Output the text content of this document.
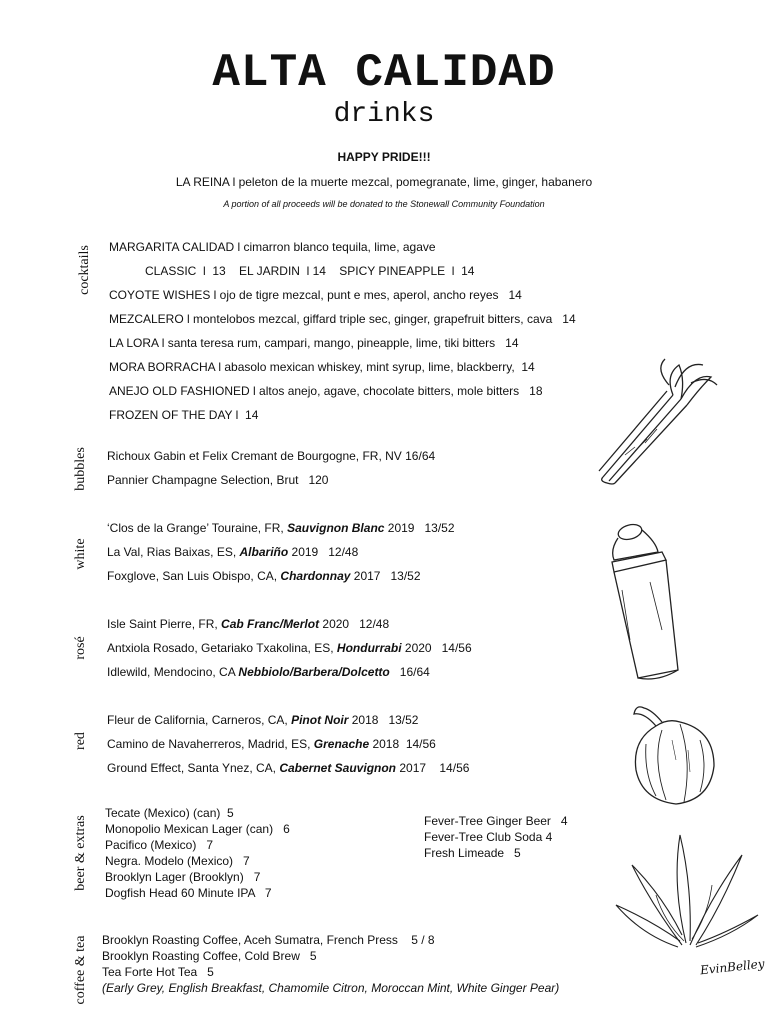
ALTA CALIDAD
drinks
HAPPY PRIDE!!!
LA REINA l peleton de la muerte mezcal, pomegranate, lime, ginger, habanero
A portion of all proceeds will be donated to the Stonewall Community Foundation
cocktails MARGARITA CALIDAD l cimarron blanco tequila, lime, agave
CLASSIC  l  13    EL JARDIN  l 14    SPICY PINEAPPLE  l  14
COYOTE WISHES l ojo de tigre mezcal, punt e mes, aperol, ancho reyes   14
MEZCALERO l montelobos mezcal, giffard triple sec, ginger, grapefruit bitters, cava   14
LA LORA l santa teresa rum, campari, mango, pineapple, lime, tiki bitters   14
MORA BORRACHA l abasolo mexican whiskey, mint syrup, lime, blackberry,  14
ANEJO OLD FASHIONED l altos anejo, agave, chocolate bitters, mole bitters   18
FROZEN OF THE DAY l  14
bubbles Richoux Gabin et Felix Cremant de Bourgogne, FR, NV 16/64
Pannier Champagne Selection, Brut   120
white
‘Clos de la Grange’ Touraine, FR, Sauvignon Blanc 2019   13/52
La Val, Rias Baixas, ES, Albariño 2019   12/48
Foxglove, San Luis Obispo, CA, Chardonnay 2017   13/52
rosé
Isle Saint Pierre, FR, Cab Franc/Merlot 2020   12/48
Antxiola Rosado, Getariako Txakolina, ES, Hondurrabi 2020   14/56
Idlewild, Mendocino, CA Nebbiolo/Barbera/Dolcetto   16/64
red
Fleur de California, Carneros, CA, Pinot Noir 2018   13/52
Camino de Navaherreros, Madrid, ES, Grenache 2018  14/56
Ground Effect, Santa Ynez, CA, Cabernet Sauvignon 2017    14/56
beer & extras
Tecate (Mexico) (can)  5
Monopolio Mexican Lager (can)   6
Pacifico (Mexico)   7
Negra. Modelo (Mexico)   7
Brooklyn Lager (Brooklyn)   7
Dogfish Head 60 Minute IPA   7
Fever-Tree Ginger Beer   4
Fever-Tree Club Soda 4
Fresh Limeade   5
coffee & tea Brooklyn Roasting Coffee, Aceh Sumatra, French Press    5 / 8
Brooklyn Roasting Coffee, Cold Brew   5
Tea Forte Hot Tea   5
(Early Grey, English Breakfast, Chamomile Citron, Moroccan Mint, White Ginger Pear)
EvinBelley
